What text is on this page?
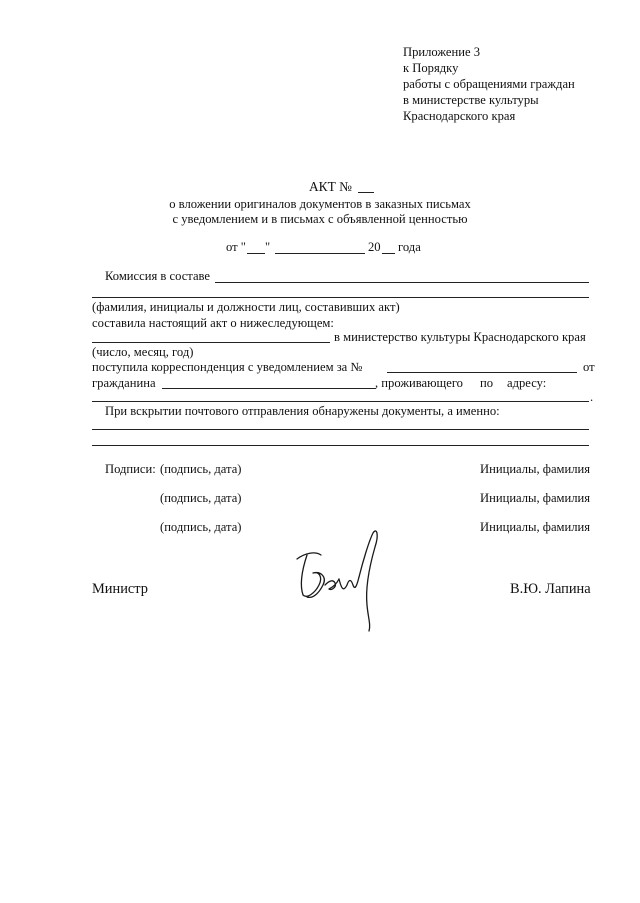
Приложение 3
к Порядку
работы с обращениями граждан
в министерстве культуры
Краснодарского края
АКТ №
о вложении оригиналов документов в заказных письмах
с уведомлением и в письмах с объявленной ценностью
от " "	20 года
Комиссия в составе
(фамилия, инициалы и должности лиц, составивших акт)
составила настоящий акт о нижеследующем:
в министерство культуры Краснодарского края
(число, месяц, год)
поступила корреспонденция с уведомлением за №	от
гражданина	, проживающего по адресу:
.
При вскрытии почтового отправления обнаружены документы, а именно:
Подписи: (подпись, дата)	Инициалы, фамилия
(подпись, дата)	Инициалы, фамилия
(подпись, дата)	Инициалы, фамилия
Министр	В.Ю. Лапина
